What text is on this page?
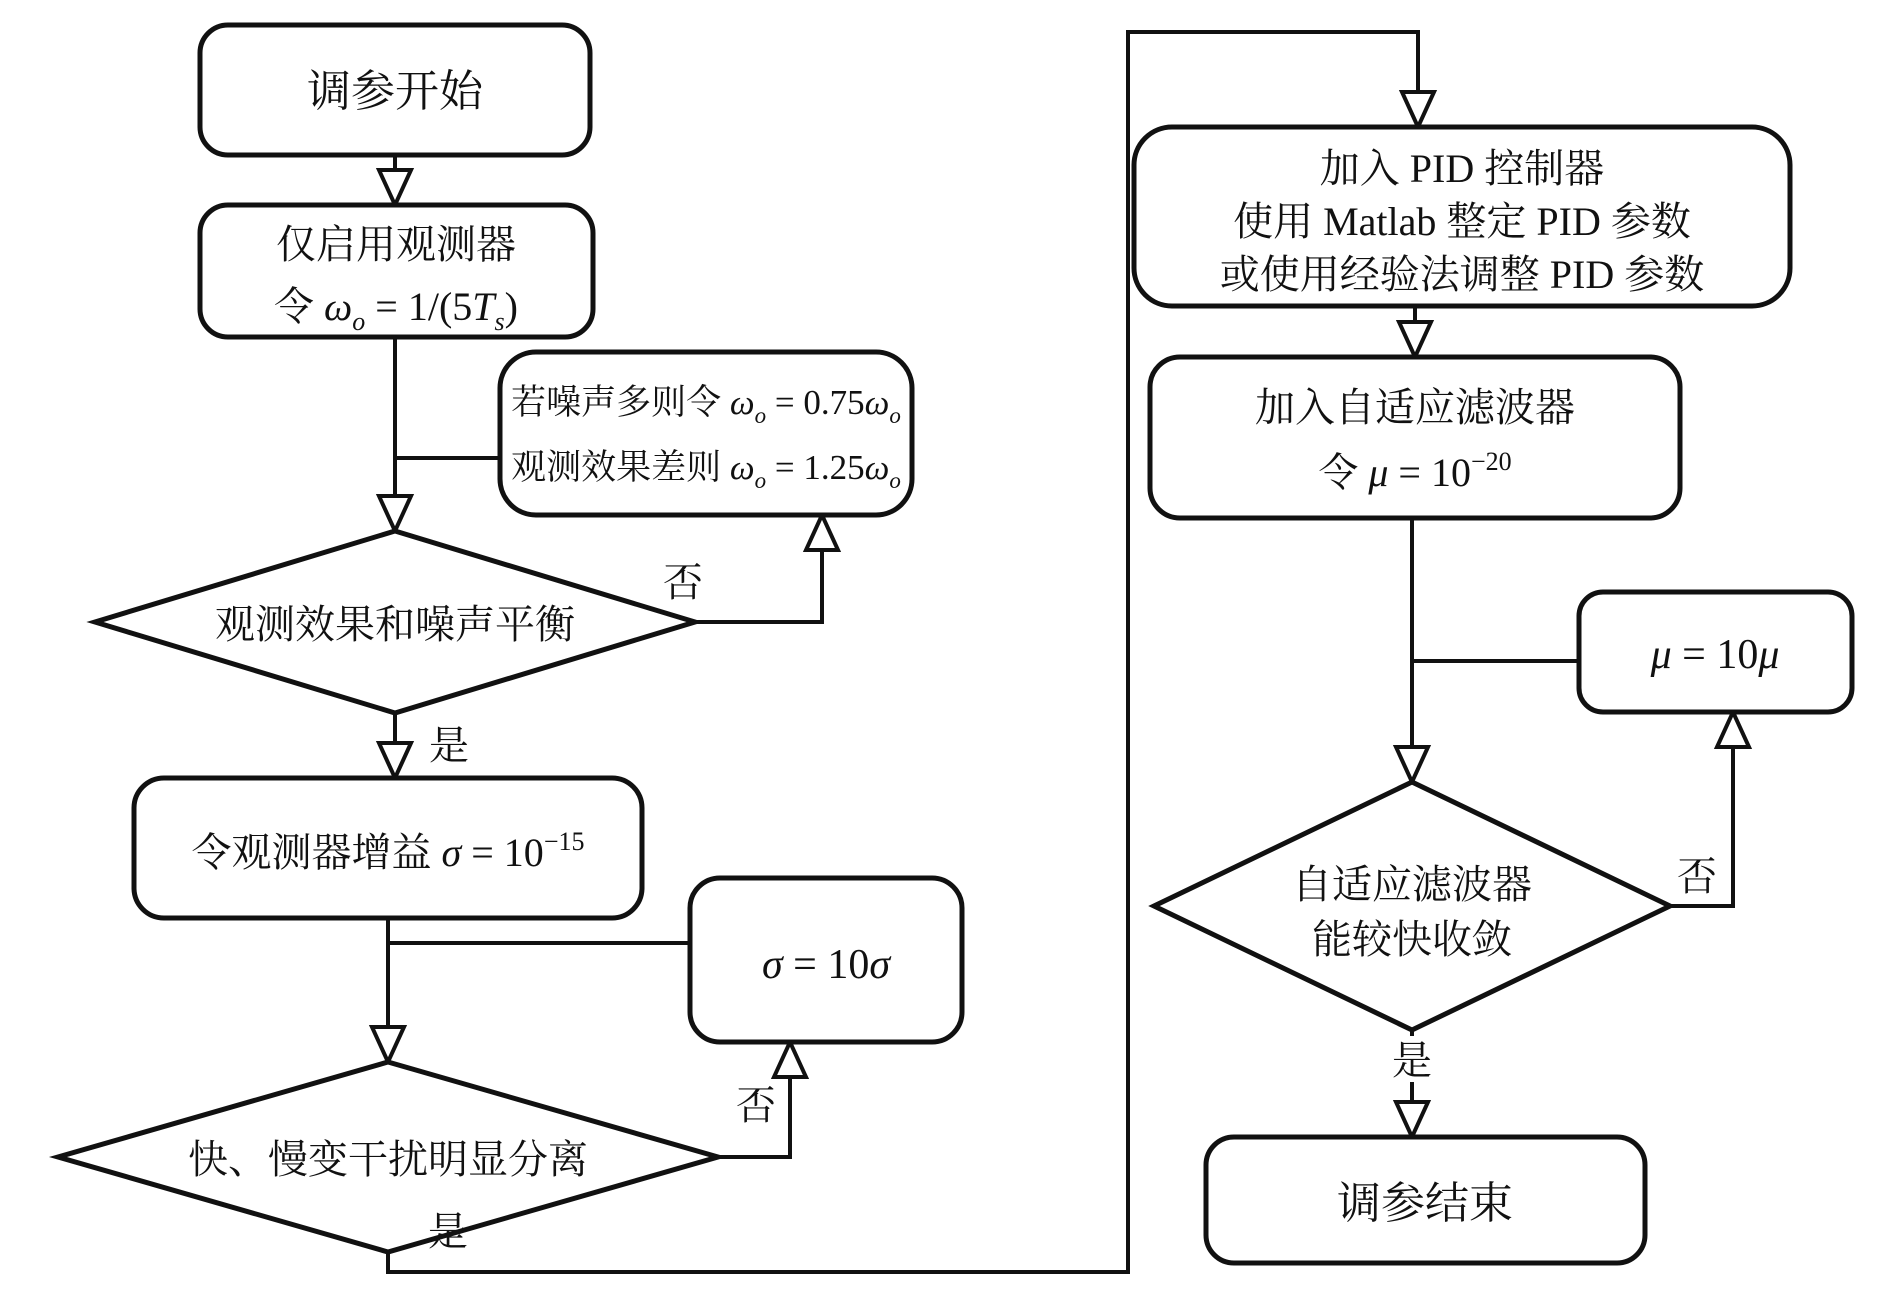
调参开始
仅启用观测器
令 $\omega_o = 1/(5T_s)$
若噪声多则令 $\omega_o = 0.75\omega_o$
观测效果差则 $\omega_o = 1.25\omega_o$
观测效果和噪声平衡
否
是
令观测器增益 $\sigma = 10^{-15}$
σ = 10σ
快、慢变干扰明显分离
否
是
加入 PID 控制器
使用 Matlab 整定 PID 参数
或使用经验法调整 PID 参数
加入自适应滤波器
令 $\mu = 10^{-20}$
μ = 10μ
自适应滤波器
能较快收敛
否
是
调参结束
